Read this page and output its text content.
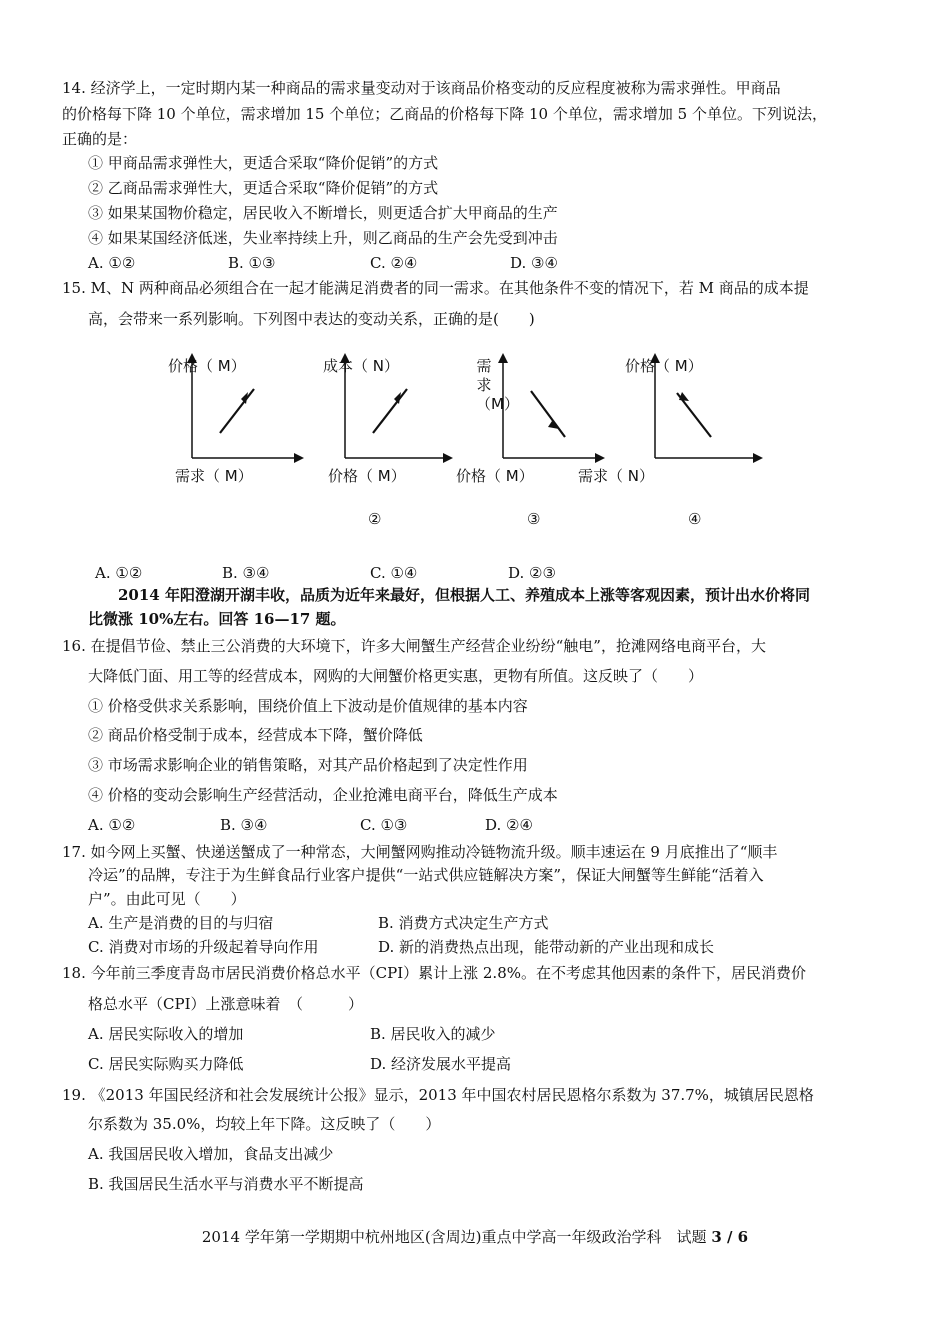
14. 经济学上，一定时期内某一种商品的需求量变动对于该商品价格变动的反应程度被称为需求弹性。甲商品
的价格每下降 10 个单位，需求增加 15 个单位；乙商品的价格每下降 10 个单位，需求增加 5 个单位。下列说法，
正确的是：
① 甲商品需求弹性大，更适合采取“降价促销”的方式
② 乙商品需求弹性大，更适合采取“降价促销”的方式
③ 如果某国物价稳定，居民收入不断增长，则更适合扩大甲商品的生产
④ 如果某国经济低迷，失业率持续上升，则乙商品的生产会先受到冲击
A. ①②	B. ①③	C. ②④	D. ③④
15. M、N 两种商品必须组合在一起才能满足消费者的同一需求。在其他条件不变的情况下，若 M 商品的成本提
高，会带来一系列影响。下列图中表达的变动关系，正确的是(　　)
价格（ M）
需求（ M）
成本（ N）
价格（ M）
②
需求（M）
价格（ M）
③
价格（ M）
需求（ N）
④
A. ①②	B. ③④	C. ①④	D. ②③
2014 年阳澄湖开湖丰收，品质为近年来最好，但根据人工、养殖成本上涨等客观因素，预计出水价将同
比微涨 10%左右。回答 16—17 题。
16. 在提倡节俭、禁止三公消费的大环境下，许多大闸蟹生产经营企业纷纷“触电”，抢滩网络电商平台，大
大降低门面、用工等的经营成本，网购的大闸蟹价格更实惠，更物有所值。这反映了（　　）
① 价格受供求关系影响，围绕价值上下波动是价值规律的基本内容
② 商品价格受制于成本，经营成本下降，蟹价降低
③ 市场需求影响企业的销售策略，对其产品价格起到了决定性作用
④ 价格的变动会影响生产经营活动，企业抢滩电商平台，降低生产成本
A. ①②	B. ③④	C. ①③	D. ②④
17. 如今网上买蟹、快递送蟹成了一种常态，大闸蟹网购推动冷链物流升级。顺丰速运在 9 月底推出了“顺丰
冷运”的品牌，专注于为生鲜食品行业客户提供“一站式供应链解决方案”，保证大闸蟹等生鲜能“活着入
户”。由此可见（　　）
A. 生产是消费的目的与归宿	B. 消费方式决定生产方式
C. 消费对市场的升级起着导向作用	D. 新的消费热点出现，能带动新的产业出现和成长
18. 今年前三季度青岛市居民消费价格总水平（CPI）累计上涨 2.8%。在不考虑其他因素的条件下，居民消费价
格总水平（CPI）上涨意味着　（　　　）
A. 居民实际收入的增加	B. 居民收入的减少
C. 居民实际购买力降低	D. 经济发展水平提高
19. 《2013 年国民经济和社会发展统计公报》显示，2013 年中国农村居民恩格尔系数为 37.7%，城镇居民恩格
尔系数为 35.0%，均较上年下降。这反映了（　　）
A. 我国居民收入增加，食品支出减少
B. 我国居民生活水平与消费水平不断提高
2014 学年第一学期期中杭州地区(含周边)重点中学高一年级政治学科　试题 3 / 6
